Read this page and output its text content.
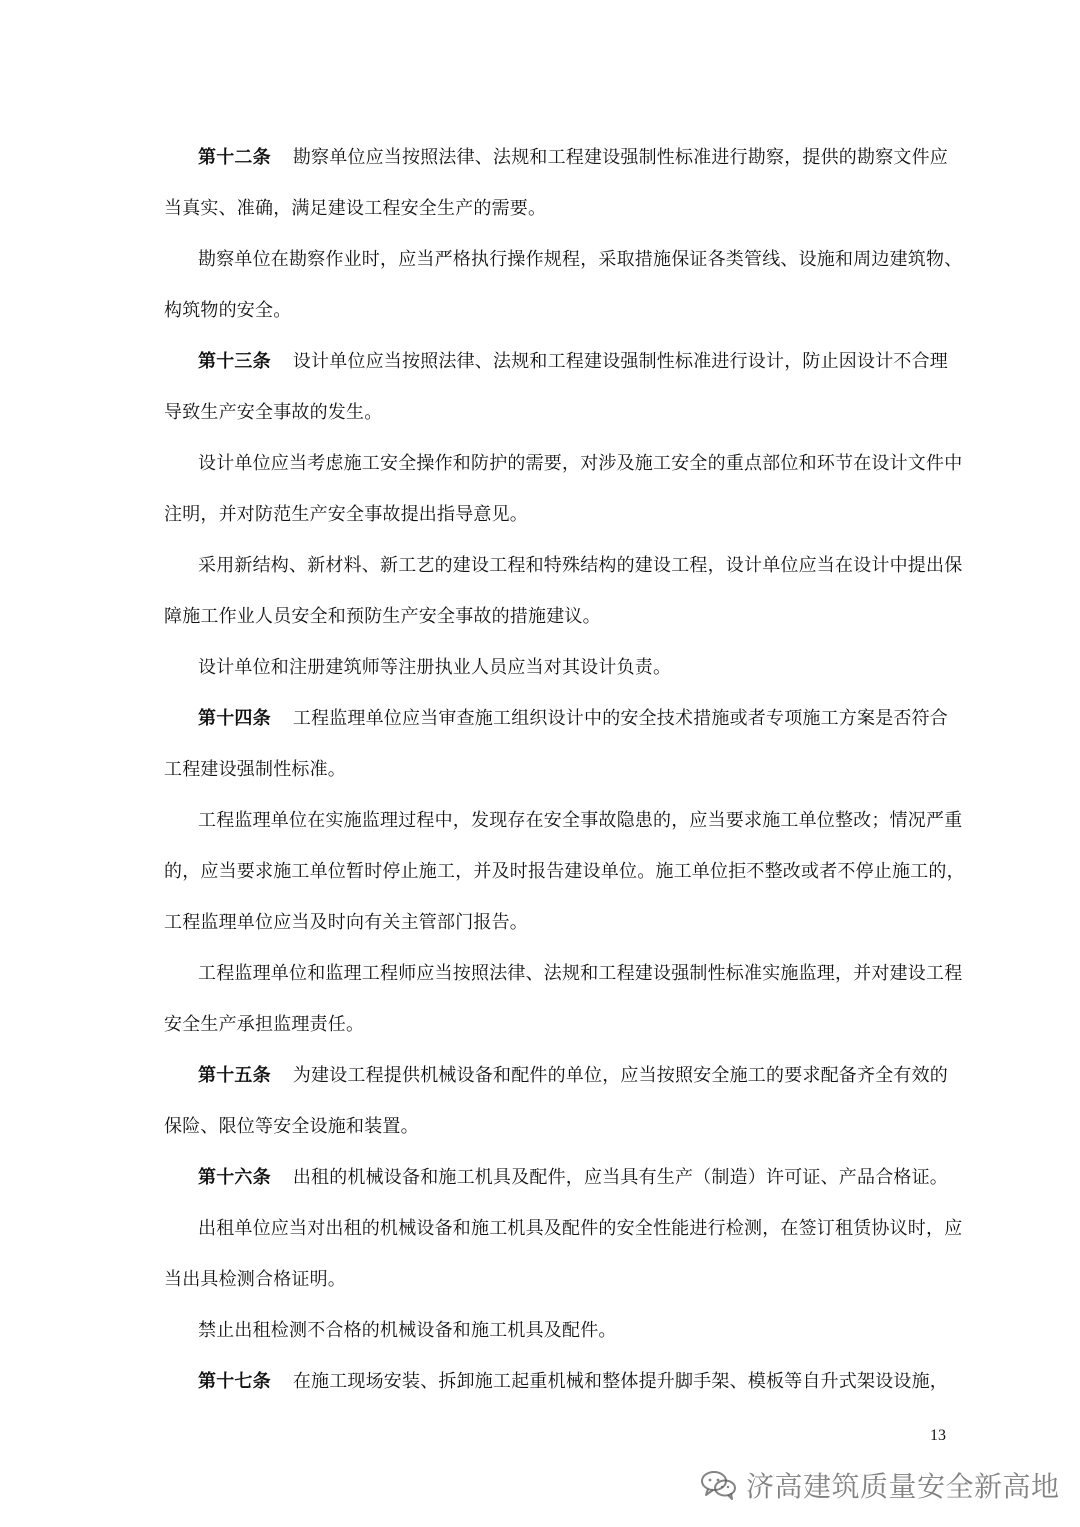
第十二条 勘察单位应当按照法律、法规和工程建设强制性标准进行勘察，提供的勘察文件应
当真实、准确，满足建设工程安全生产的需要。
勘察单位在勘察作业时，应当严格执行操作规程，采取措施保证各类管线、设施和周边建筑物、
构筑物的安全。
第十三条 设计单位应当按照法律、法规和工程建设强制性标准进行设计，防止因设计不合理
导致生产安全事故的发生。
设计单位应当考虑施工安全操作和防护的需要，对涉及施工安全的重点部位和环节在设计文件中
注明，并对防范生产安全事故提出指导意见。
采用新结构、新材料、新工艺的建设工程和特殊结构的建设工程，设计单位应当在设计中提出保
障施工作业人员安全和预防生产安全事故的措施建议。
设计单位和注册建筑师等注册执业人员应当对其设计负责。
第十四条 工程监理单位应当审查施工组织设计中的安全技术措施或者专项施工方案是否符合
工程建设强制性标准。
工程监理单位在实施监理过程中，发现存在安全事故隐患的，应当要求施工单位整改；情况严重
的，应当要求施工单位暂时停止施工，并及时报告建设单位。施工单位拒不整改或者不停止施工的，
工程监理单位应当及时向有关主管部门报告。
工程监理单位和监理工程师应当按照法律、法规和工程建设强制性标准实施监理，并对建设工程
安全生产承担监理责任。
第十五条 为建设工程提供机械设备和配件的单位，应当按照安全施工的要求配备齐全有效的
保险、限位等安全设施和装置。
第十六条 出租的机械设备和施工机具及配件，应当具有生产（制造）许可证、产品合格证。
出租单位应当对出租的机械设备和施工机具及配件的安全性能进行检测，在签订租赁协议时，应
当出具检测合格证明。
禁止出租检测不合格的机械设备和施工机具及配件。
第十七条 在施工现场安装、拆卸施工起重机械和整体提升脚手架、模板等自升式架设设施，
13
济高建筑质量安全新高地
